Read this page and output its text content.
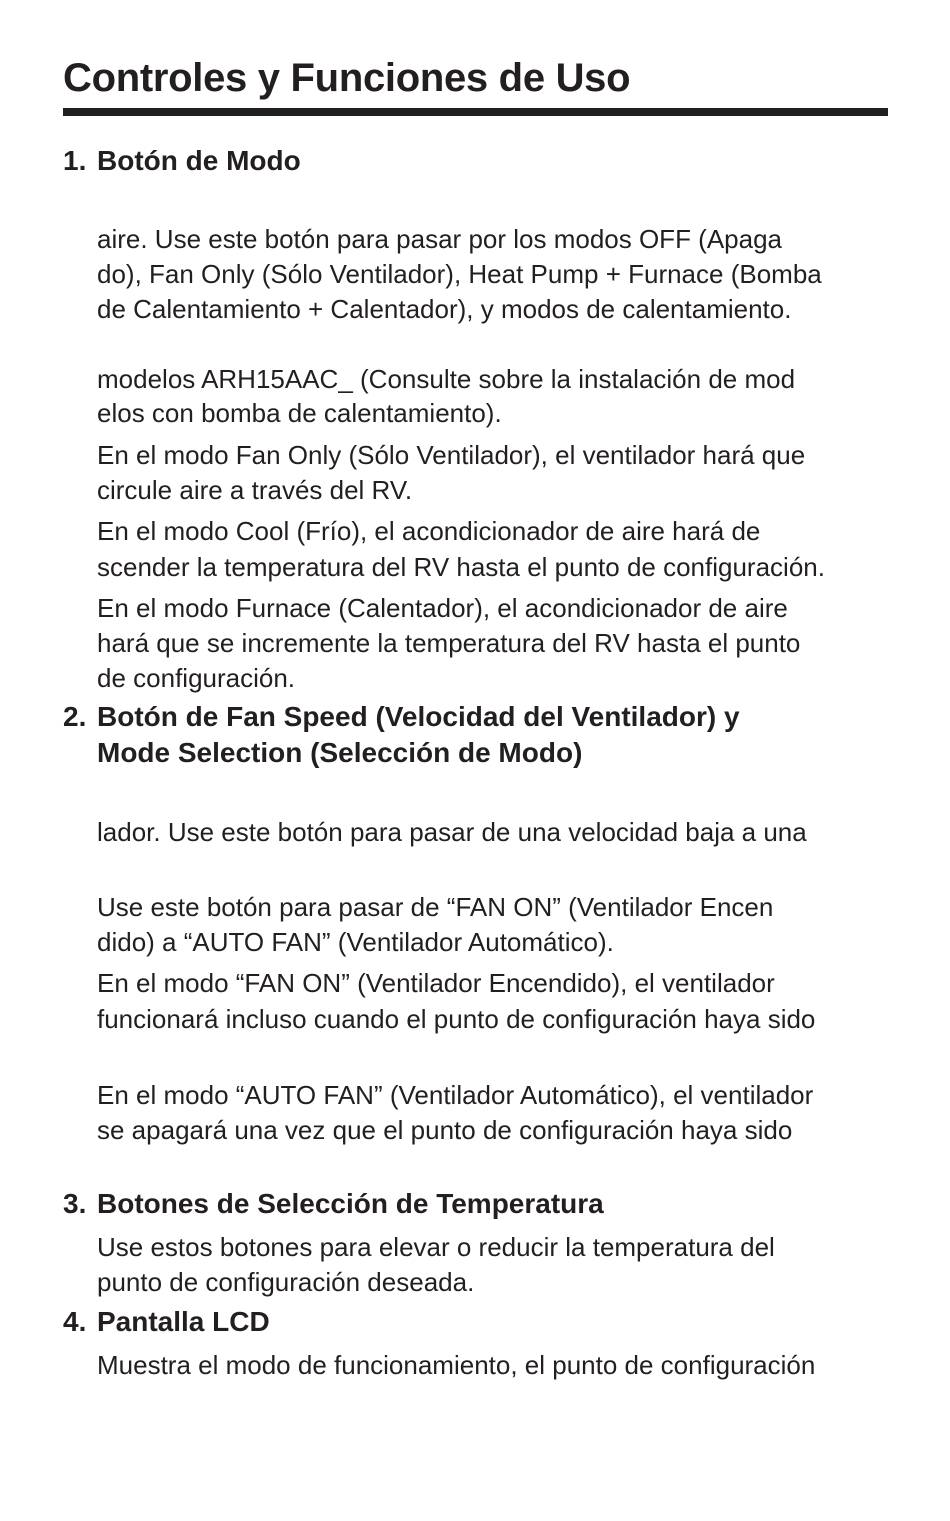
Controles y Funciones de Uso
1. Botón de Modo
aire. Use este botón para pasar por los modos OFF (Apaga
do), Fan Only (Sólo Ventilador), Heat Pump + Furnace (Bomba
de Calentamiento + Calentador), y modos de calentamiento.
modelos ARH15AAC_ (Consulte sobre la instalación de mod
elos con bomba de calentamiento).
En el modo Fan Only (Sólo Ventilador), el ventilador hará que
circule aire a través del RV.
En el modo Cool (Frío), el acondicionador de aire hará de
scender la temperatura del RV hasta el punto de configuración.
En el modo Furnace (Calentador), el acondicionador de aire
hará que se incremente la temperatura del RV hasta el punto
de configuración.
2. Botón de Fan Speed (Velocidad del Ventilador) y
Mode Selection (Selección de Modo)
lador. Use este botón para pasar de una velocidad baja a una
Use este botón para pasar de “FAN ON” (Ventilador Encen
dido) a “AUTO FAN” (Ventilador Automático).
En el modo “FAN ON” (Ventilador Encendido), el ventilador
funcionará incluso cuando el punto de configuración haya sido
En el modo “AUTO FAN” (Ventilador Automático), el ventilador
se apagará una vez que el punto de configuración haya sido
3. Botones de Selección de Temperatura
Use estos botones para elevar o reducir la temperatura del
punto de configuración deseada.
4. Pantalla LCD
Muestra el modo de funcionamiento, el punto de configuración
